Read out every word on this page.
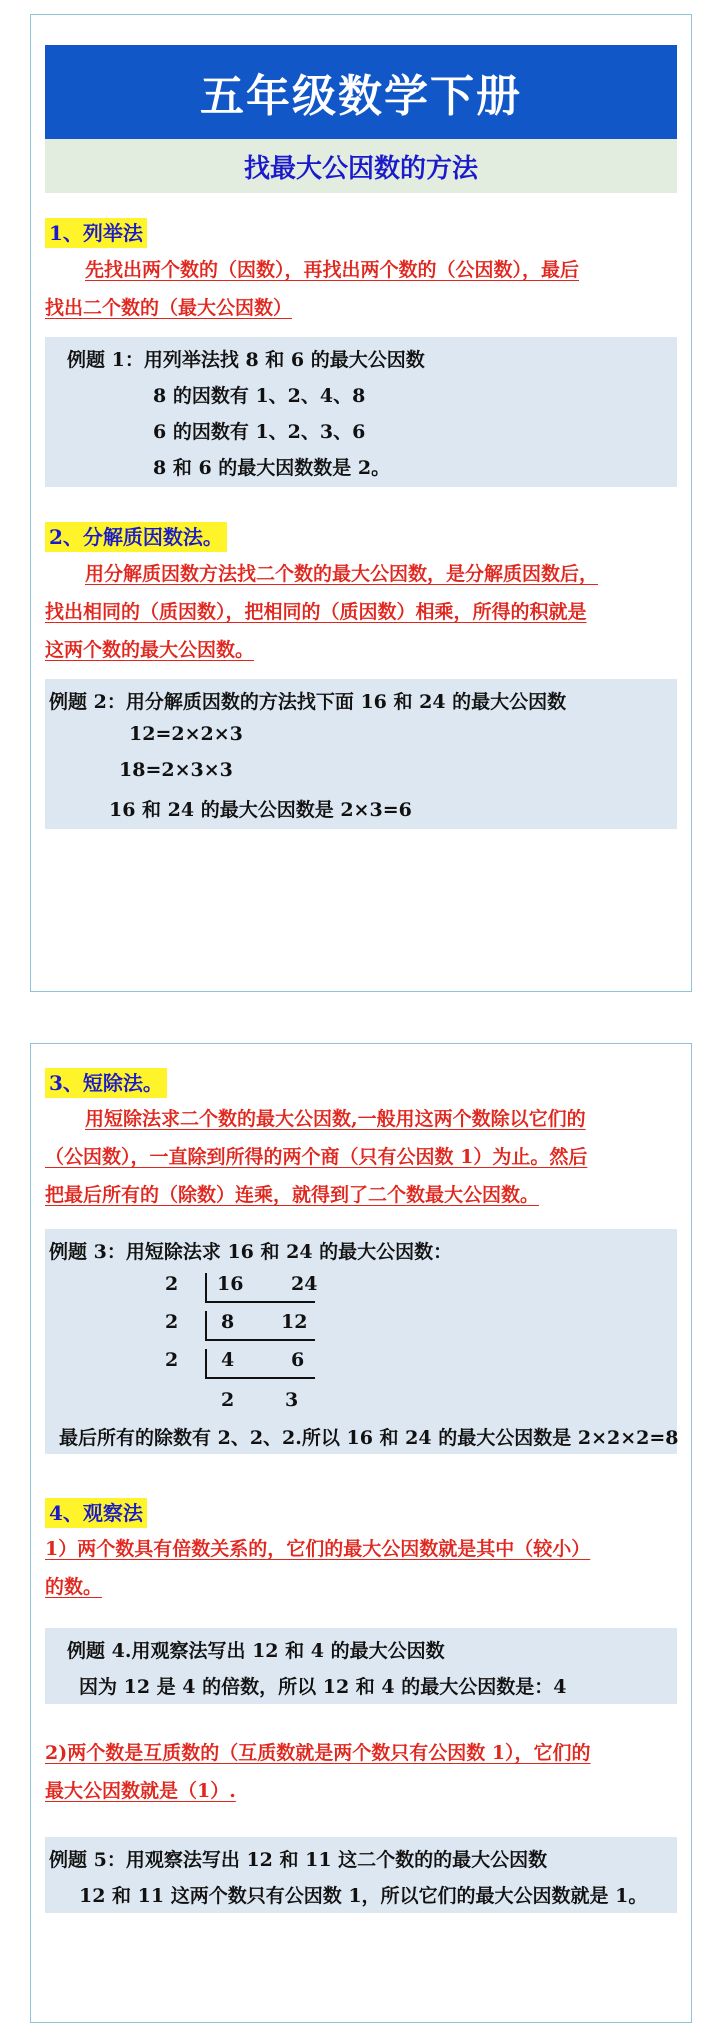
五年级数学下册
找最大公因数的方法
1、列举法
先找出两个数的（因数），再找出两个数的（公因数），最后
找出二个数的（最大公因数）
例题 1：用列举法找 8 和 6 的最大公因数
8 的因数有 1、2、4、8
6 的因数有 1、2、3、6
8 和 6 的最大因数数是 2。
2、分解质因数法。
用分解质因数方法找二个数的最大公因数，是分解质因数后，
找出相同的（质因数），把相同的（质因数）相乘，所得的积就是
这两个数的最大公因数。
例题 2：用分解质因数的方法找下面 16 和 24 的最大公因数
12=2×2×3
18=2×3×3
16 和 24 的最大公因数是 2×3=6
3、短除法。
用短除法求二个数的最大公因数,一般用这两个数除以它们的
（公因数），一直除到所得的两个商（只有公因数 1）为止。然后
把最后所有的（除数）连乘，就得到了二个数最大公因数。
例题 3：用短除法求 16 和 24 的最大公因数：
2 16	24
2 8 12
2 4	6
2	3
最后所有的除数有 2、2、2.所以 16 和 24 的最大公因数是 2×2×2=8
4、观察法
1）两个数具有倍数关系的，它们的最大公因数就是其中（较小）
的数。
例题 4.用观察法写出 12 和 4 的最大公因数
因为 12 是 4 的倍数，所以 12 和 4 的最大公因数是：4
2)两个数是互质数的（互质数就是两个数只有公因数 1），它们的
最大公因数就是（1）.
例题 5：用观察法写出 12 和 11 这二个数的的最大公因数
12 和 11 这两个数只有公因数 1，所以它们的最大公因数就是 1。
